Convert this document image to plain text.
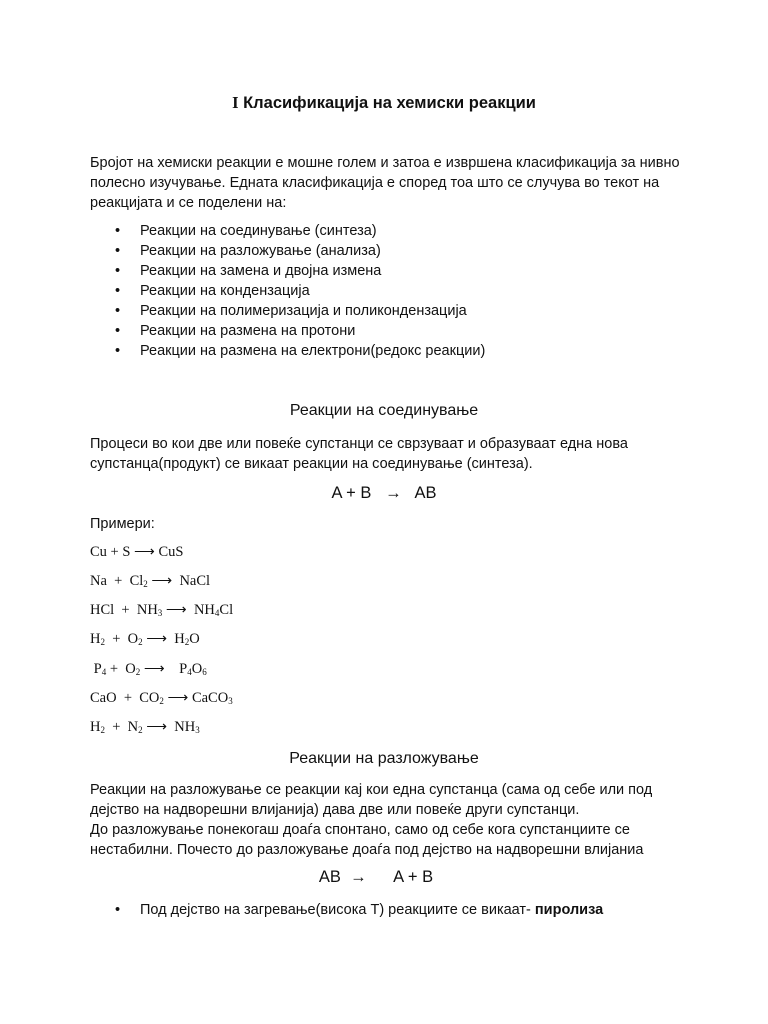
I Класификација на хемиски реакции
Бројот на хемиски реакции е мошне голем и затоа е извршена класификација за нивно полесно изучување. Едната класификација е според тоа што се случува во текот на реакцијата и се поделени на:
• Реакции на соединување (синтеза)
• Реакции на разложување (анализа)
• Реакции на замена и двојна измена
• Реакции на кондензација
• Реакции на полимеризација и поликондензација
• Реакции на размена на протони
• Реакции на размена на електрони(редокс реакции)
Реакции на соединување
Процеси во кои две или повеќе супстанци се сврзуваат и образуваат една нова супстанца(продукт) се викаат реакции на соединување (синтеза).
A + B   →   AB
Примери:
Cu + S ⟶ CuS
$Na + Cl_2$ ⟶  NaCl
HCl  +  $NH_3$ ⟶  $NH_4Cl$
$H_2 + O_2$ ⟶  $H_2O$
$P_4 + O_2$ ⟶    $P_4O_6$
CaO  +  $CO_2$ ⟶ CaCO$_3$
$H_2 + N_2$ ⟶  $NH_3$
Реакции на разложување
Реакции на разложување се реакции кај кои една супстанца (сама од себе или под дејство на надворешни влијанија) дава две или повеќе други супстанци.
До разложување понекогаш доаѓа спонтано, само од себе кога супстанциите се нестабилни. Почесто до разложување доаѓа под дејство на надворешни влијаниа
AB  →      A + B
• Под дејство на загревање(висока Т) реакциите се викаат- пиролиза
